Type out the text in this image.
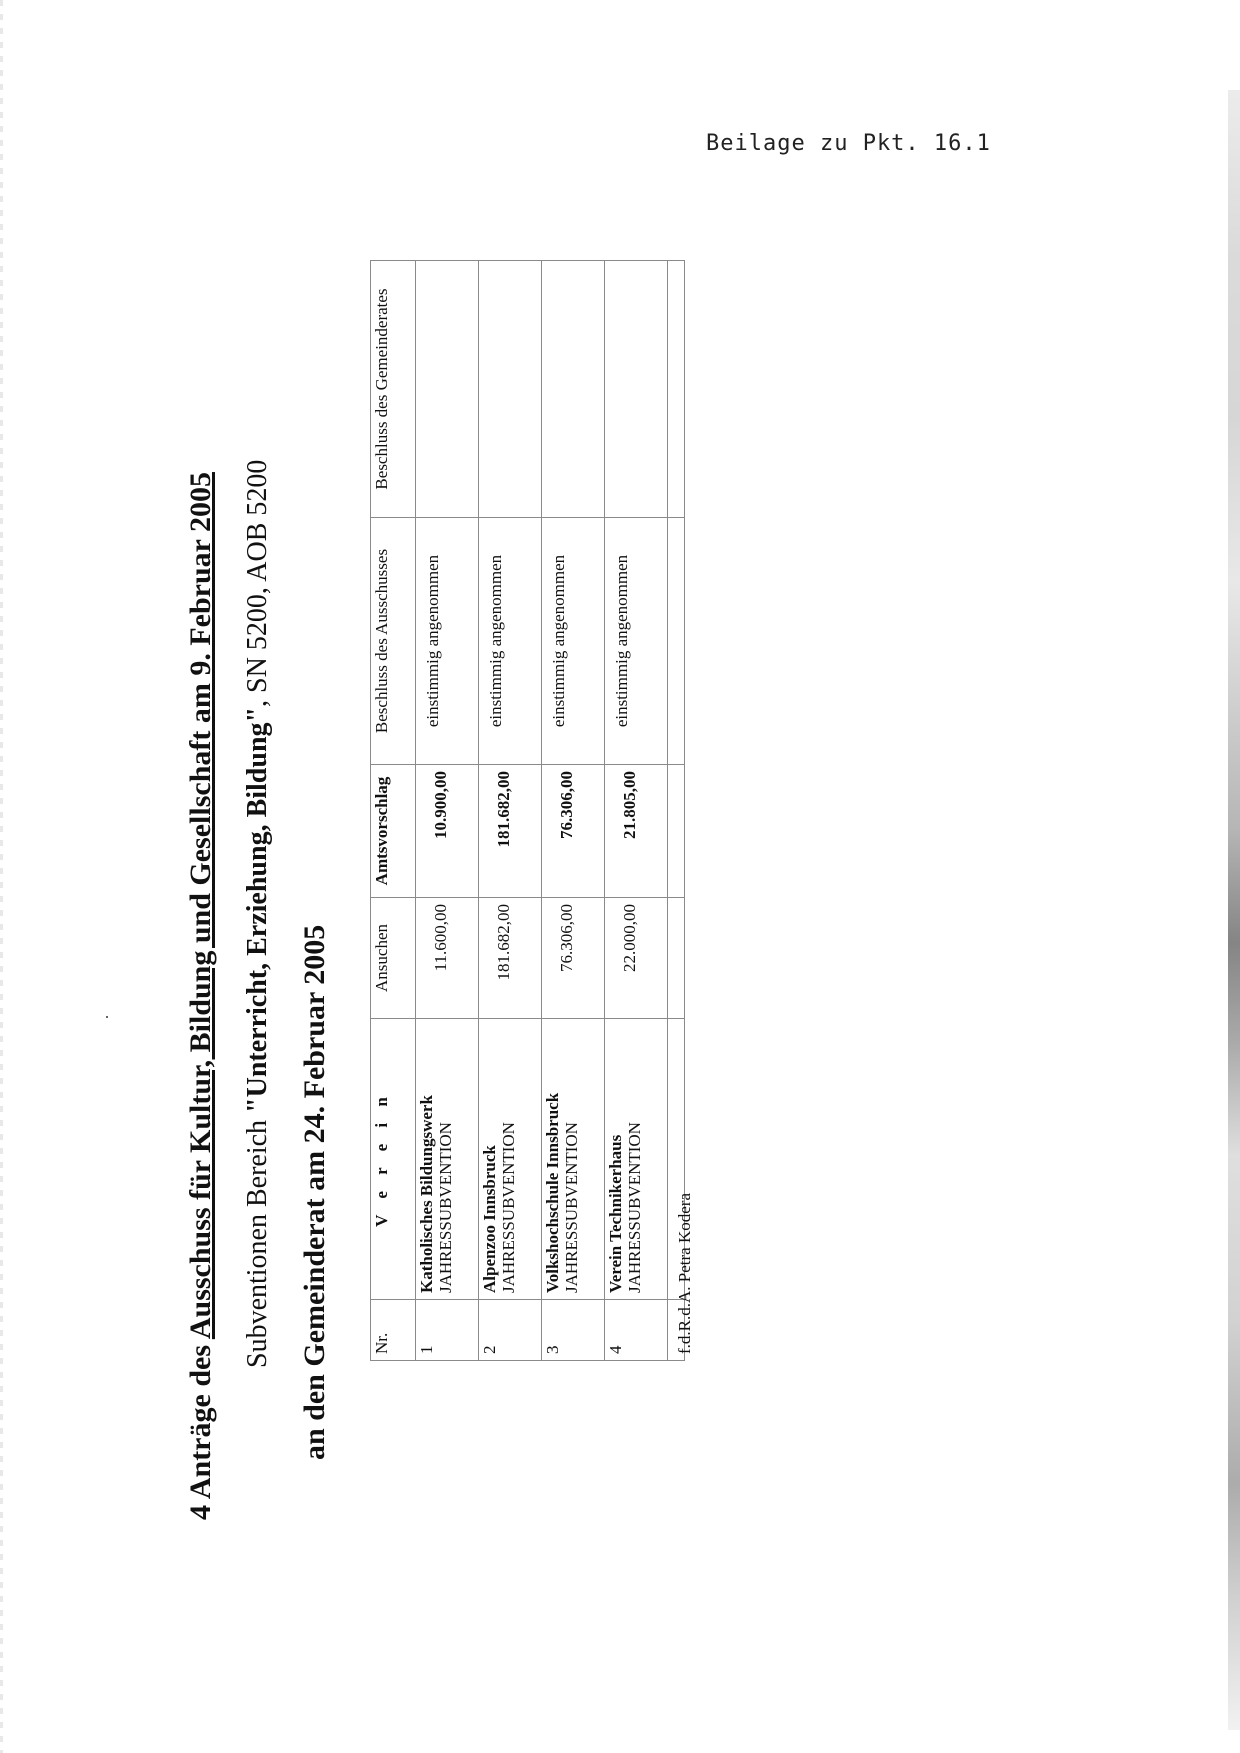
Beilage zu Pkt. 16.1
4 Anträge des Ausschuss für Kultur, Bildung und Gesellschaft am 9. Februar 2005 Subventionen Bereich "Unterricht, Erziehung, Bildung", SN 5200, AOB 5200
an den Gemeinderat am 24. Februar 2005 Nr.	V e r e i n	Ansuchen	Amtsvorschlag	Beschluss des Ausschusses	Beschluss des Gemeinderates
1	Katholisches Bildungswerk JAHRESSUBVENTION	11.600,00	10.900,00	einstimmig angenommen	
2	Alpenzoo Innsbruck JAHRESSUBVENTION	181.682,00	181.682,00	einstimmig angenommen	
3	Volkshochschule Innsbruck JAHRESSUBVENTION	76.306,00	76.306,00	einstimmig angenommen	
4	Verein Technikerhaus JAHRESSUBVENTION	22.000,00	21.805,00	einstimmig angenommen	

f.d.R.d.A. Petra Kodera
